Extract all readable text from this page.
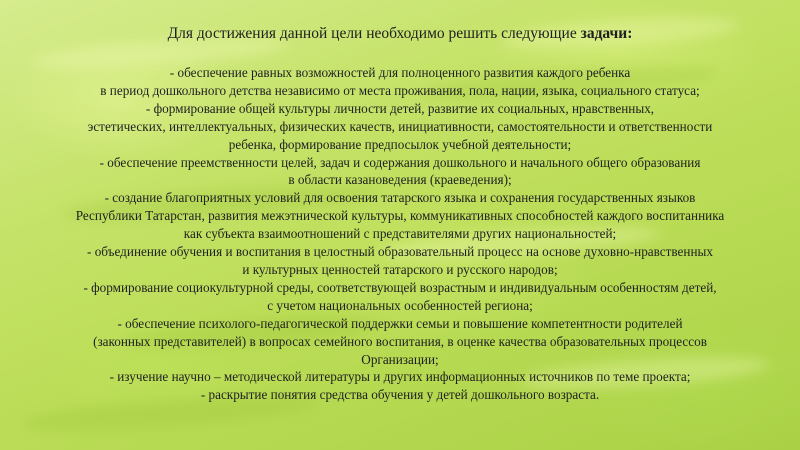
Для достижения данной цели необходимо решить следующие задачи:

- обеспечение равных возможностей для полноценного развития каждого ребенка
в период дошкольного детства независимо от места проживания, пола, нации, языка, социального статуса;
- формирование общей культуры личности детей, развитие их социальных, нравственных,
эстетических, интеллектуальных, физических качеств, инициативности, самостоятельности и ответственности
ребенка, формирование предпосылок учебной деятельности;
- обеспечение преемственности целей, задач и содержания дошкольного и начального общего образования
в области казановедения (краеведения);
- создание благоприятных условий для освоения татарского языка и сохранения государственных языков
Республики Татарстан, развития межэтнической культуры, коммуникативных способностей каждого воспитанника
как субъекта взаимоотношений с представителями других национальностей;
- объединение обучения и воспитания в целостный образовательный процесс на основе духовно-нравственных
и культурных ценностей татарского и русского народов;
- формирование социокультурной среды, соответствующей возрастным и индивидуальным особенностям детей,
с учетом национальных особенностей региона;
- обеспечение психолого-педагогической поддержки семьи и повышение компетентности родителей
(законных представителей) в вопросах семейного воспитания, в оценке качества образовательных процессов
Организации;
- изучение научно – методической литературы и других информационных источников по теме проекта;
- раскрытие понятия средства обучения у детей дошкольного возраста.
